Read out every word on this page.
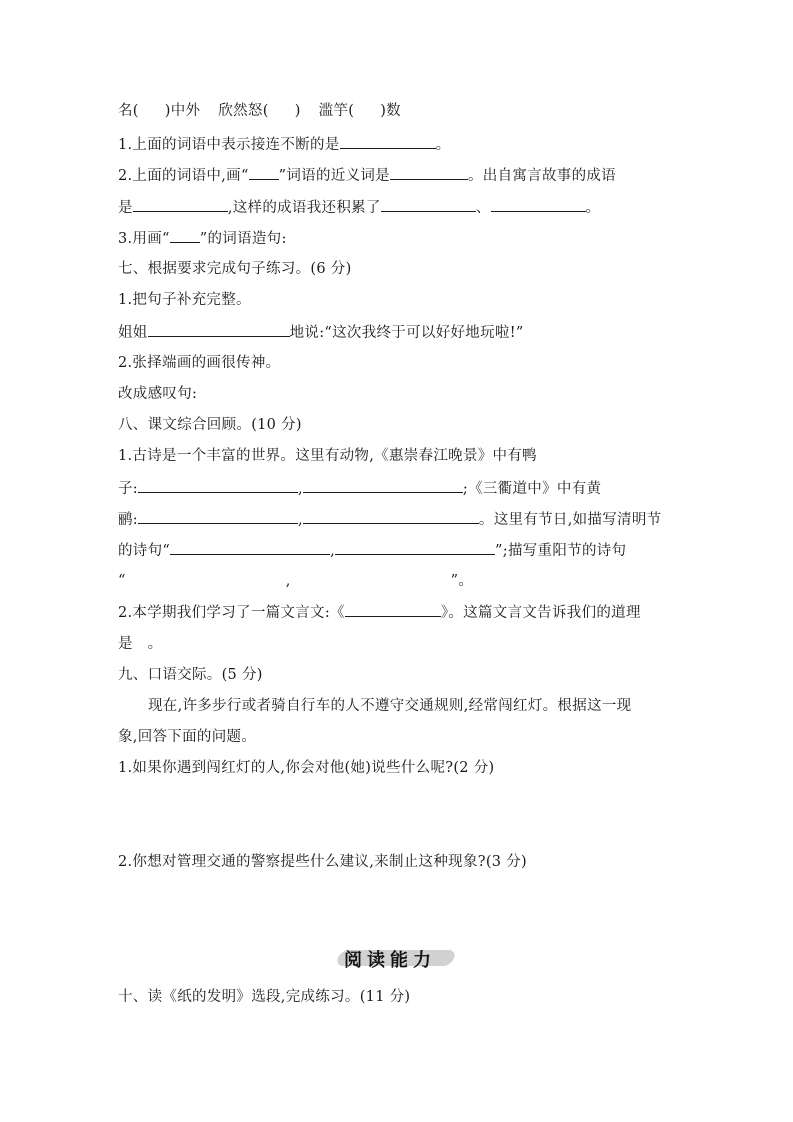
名( )中外 欣然怒( ) 滥竽( )数
1.上面的词语中表示接连不断的是	。
2.上面的词语中,画“ ”词语的近义词是	。出自寓言故事的成语
是	,这样的成语我还积累了	、	。
3.用画“ ”的词语造句:
七、根据要求完成句子练习。(6 分)
1.把句子补充完整。
姐姐	地说:“这次我终于可以好好地玩啦!”
2.张择端画的画很传神。
改成感叹句:
八、课文综合回顾。(10 分)
1.古诗是一个丰富的世界。这里有动物,《惠崇春江晚景》中有鸭
子:	,	;《三衢道中》中有黄
鹂:	,	。这里有节日,如描写清明节
的诗句“	,	”;描写重阳节的诗句
“	,	”。
2.本学期我们学习了一篇文言文:《	》。这篇文言文告诉我们的道理
是　。
九、口语交际。(5 分)
现在,许多步行或者骑自行车的人不遵守交通规则,经常闯红灯。根据这一现
象,回答下面的问题。
1.如果你遇到闯红灯的人,你会对他(她)说些什么呢?(2 分)
2.你想对管理交通的警察提些什么建议,来制止这种现象?(3 分)
阅读能力
十、读《纸的发明》选段,完成练习。(11 分)
